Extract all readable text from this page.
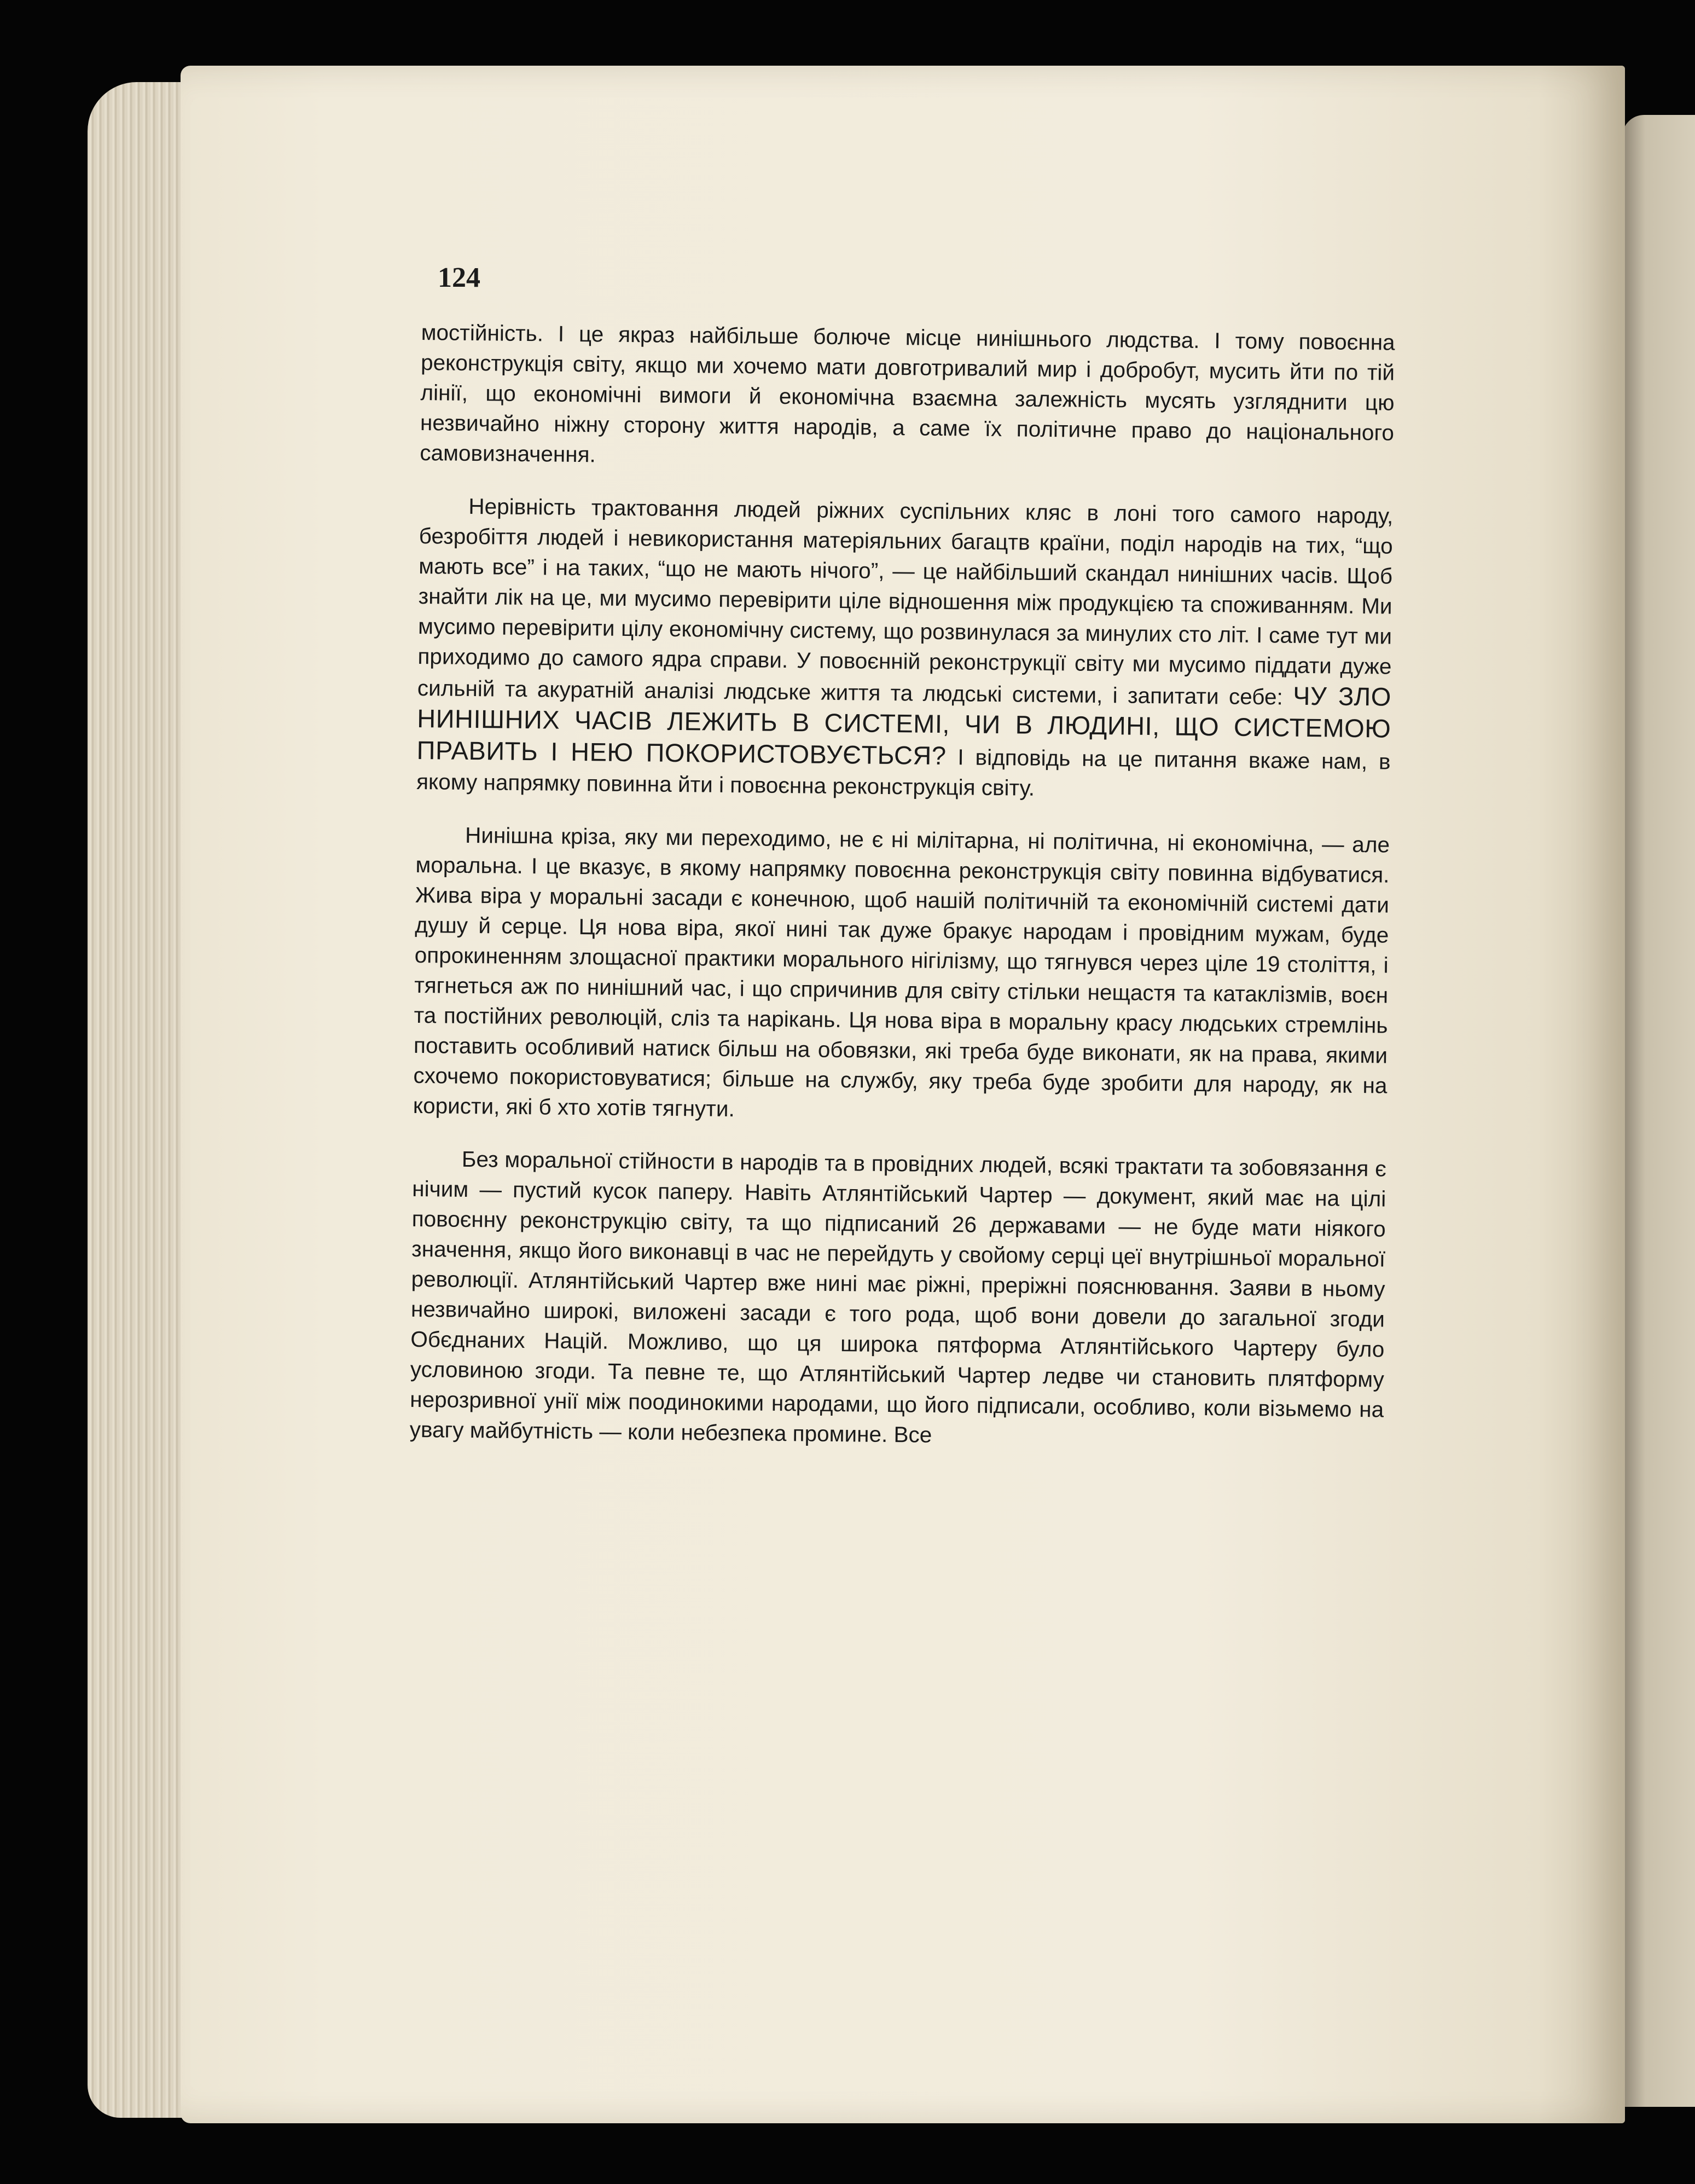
124

мостійність. І це якраз найбільше болюче місце нинішнього людства. І тому повоєнна реконструкція світу, якщо ми хочемо мати довготривалий мир і добробут, мусить йти по тій лінії, що економічні вимоги й економічна взаємна залежність мусять узгляднити цю незвичайно ніжну сторону життя народів, а саме їх політичне право до національного самовизначення.

Нерівність трактовання людей ріжних суспільних кляс в лоні того самого народу, безробіття людей і невикористання матеріяльних багацтв країни, поділ народів на тих, “що мають все” і на таких, “що не мають нічого”, — це найбільший скандал нинішних часів. Щоб знайти лік на це, ми мусимо перевірити ціле відношення між продукцією та споживанням. Ми мусимо перевірити цілу економічну систему, що розвинулася за минулих сто літ. І саме тут ми приходимо до самого ядра справи. У повоєнній реконструкції світу ми мусимо піддати дуже сильній та акуратній аналізі людське життя та людські системи, і запитати себе: ЧУ ЗЛО НИНІШНИХ ЧАСІВ ЛЕЖИТЬ В СИСТЕМІ, ЧИ В ЛЮДИНІ, ЩО СИСТЕМОЮ ПРАВИТЬ І НЕЮ ПОКОРИСТОВУЄТЬСЯ? І відповідь на це питання вкаже нам, в якому напрямку повинна йти і повоєнна реконструкція світу.

Нинішна кріза, яку ми переходимо, не є ні мілітарна, ні політична, ні економічна, — але моральна. І це вказує, в якому напрямку повоєнна реконструкція світу повинна відбуватися. Жива віра у моральні засади є конечною, щоб нашій політичній та економічній системі дати душу й серце. Ця нова віра, якої нині так дуже бракує народам і провідним мужам, буде опрокиненням злощасної практики морального нігілізму, що тягнувся через ціле 19 століття, і тягнеться аж по нинішний час, і що спричинив для світу стільки нещастя та катаклізмів, воєн та постійних революцій, сліз та нарікань. Ця нова віра в моральну красу людських стремлінь поставить особливий натиск більш на обовязки, які треба буде виконати, як на права, якими схочемо покористовуватися; більше на службу, яку треба буде зробити для народу, як на користи, які б хто хотів тягнути.

Без моральної стійности в народів та в провідних людей, всякі трактати та зобовязання є нічим — пустий кусок паперу. Навіть Атлянтійський Чартер — документ, який має на цілі повоєнну реконструкцію світу, та що підписаний 26 державами — не буде мати ніякого значення, якщо його виконавці в час не перейдуть у свойому серці цеї внутрішньої моральної революції. Атлянтійський Чартер вже нині має ріжні, преріжні пояснювання. Заяви в ньому незвичайно широкі, виложені засади є того рода, щоб вони довели до загальної згоди Обєднаних Націй. Можливо, що ця широка пятформа Атлянтійського Чартеру було условиною згоди. Та певне те, що Атлянтійський Чартер ледве чи становить плятформу нерозривної унії між поодинокими народами, що його підписали, особливо, коли візьмемо на увагу майбутність — коли небезпека промине. Все
